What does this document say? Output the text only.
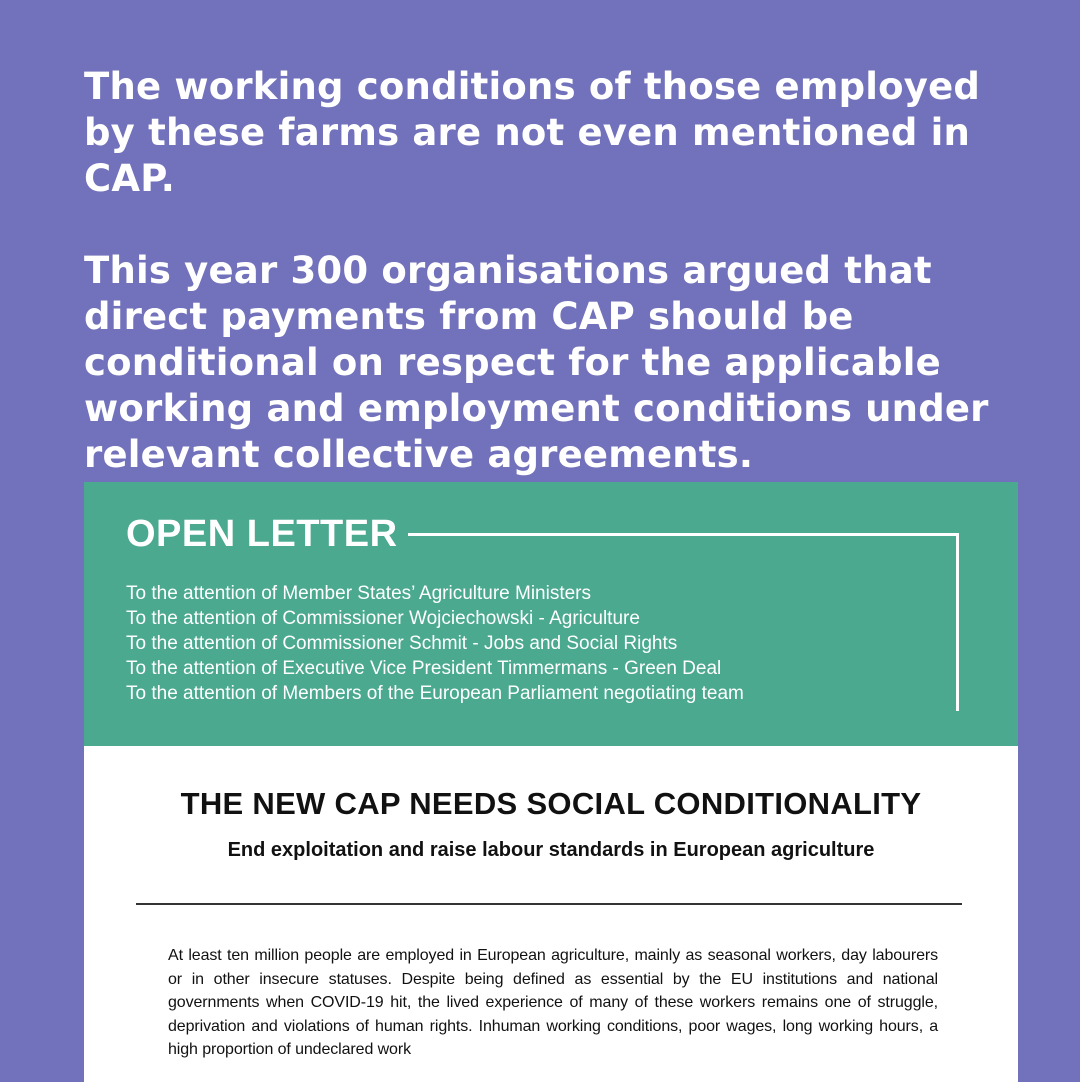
The working conditions of those employed by these farms are not even mentioned in CAP.

This year 300 organisations argued that direct payments from CAP should be conditional on respect for the applicable working and employment conditions under relevant collective agreements.

OPEN LETTER
To the attention of Member States’ Agriculture Ministers
To the attention of Commissioner Wojciechowski - Agriculture
To the attention of Commissioner Schmit - Jobs and Social Rights
To the attention of Executive Vice President Timmermans - Green Deal
To the attention of Members of the European Parliament negotiating team
THE NEW CAP NEEDS SOCIAL CONDITIONALITY
End exploitation and raise labour standards in European agriculture

At least ten million people are employed in European agriculture, mainly as seasonal workers, day labourers or in other insecure statuses. Despite being defined as essential by the EU institutions and national governments when COVID-19 hit, the lived experience of many of these workers remains one of struggle, deprivation and violations of human rights. Inhuman working conditions, poor wages, long working hours, a high proportion of undeclared work
